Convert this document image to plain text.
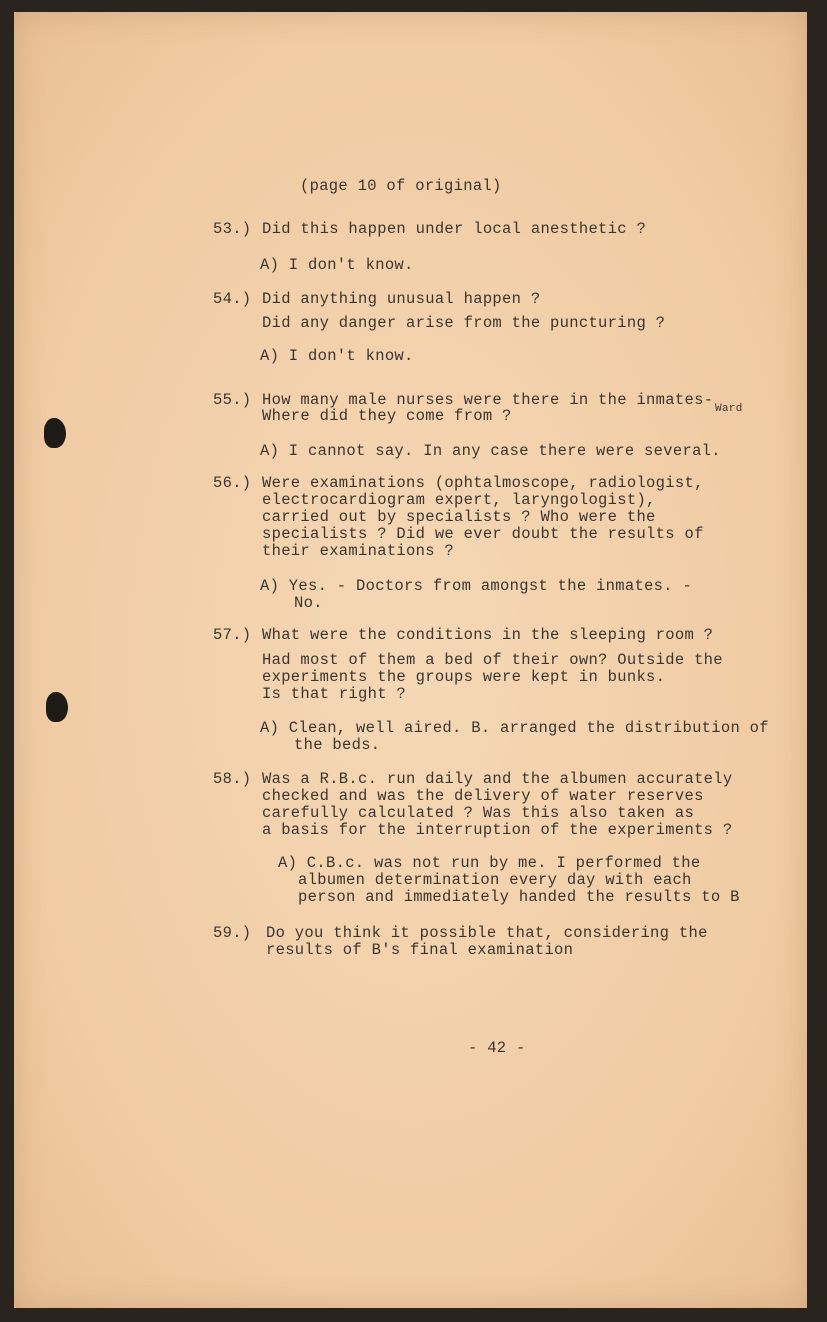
(page 10 of original)
53.) Did this happen under local anesthetic ?
A) I don't know.
54.) Did anything unusual happen ?
Did any danger arise from the puncturing ?
A) I don't know.
55.) How many male nurses were there in the inmates- Ward
Where did they come from ?
A) I cannot say. In any case there were several.
56.) Were examinations (ophtalmoscope, radiologist,
electrocardiogram expert, laryngologist),
carried out by specialists ? Who were the
specialists ? Did we ever doubt the results of
their examinations ?
A) Yes. - Doctors from amongst the inmates. -
No.
57.) What were the conditions in the sleeping room ?
Had most of them a bed of their own? Outside the
experiments the groups were kept in bunks.
Is that right ?
A) Clean, well aired. B. arranged the distribution of
the beds.
58.) Was a R.B.c. run daily and the albumen accurately
checked and was the delivery of water reserves
carefully calculated ? Was this also taken as
a basis for the interruption of the experiments ?
A) C.B.c. was not run by me. I performed the
albumen determination every day with each
person and immediately handed the results to B
59.) Do you think it possible that, considering the
results of B's final examination
- 42 -
